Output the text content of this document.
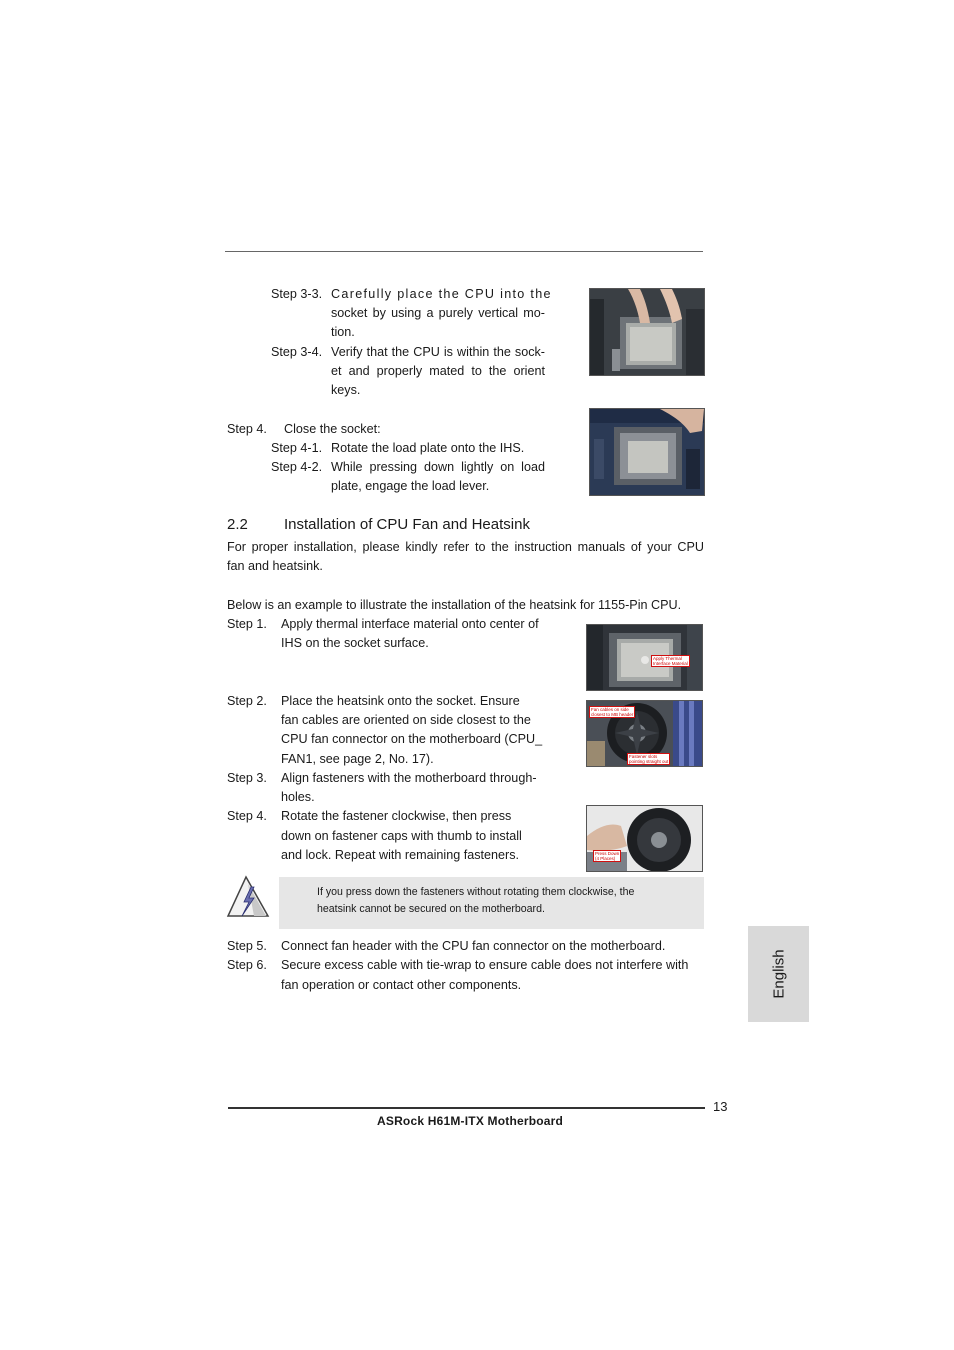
Step 3-3. Carefully place the CPU into the
socket by using a purely vertical mo-
tion.
Step 3-4. Verify that the CPU is within the sock-
et and properly mated to the orient
keys.
Step 4. Close the socket:
Step 4-1. Rotate the load plate onto the IHS.
Step 4-2. While pressing down lightly on load
plate, engage the load lever.
2.2 Installation of CPU Fan and Heatsink
For proper installation, please kindly refer to the instruction manuals of your CPU
fan and heatsink.
Below is an example to illustrate the installation of the heatsink for 1155-Pin CPU.
Step 1. Apply thermal interface material onto center of
IHS on the socket surface.
Step 2. Place the heatsink onto the socket. Ensure
fan cables are oriented on side closest to the
CPU fan connector on the motherboard (CPU_
FAN1, see page 2, No. 17).
Step 3. Align fasteners with the motherboard through-
holes.
Step 4. Rotate the fastener clockwise, then press
down on fastener caps with thumb to install
and lock. Repeat with remaining fasteners.
Apply Thermal
Interface Material
Fan cables on side
closest to MB header
Fastener slots
pointing straight out
Press Down
(4 Places)
If you press down the fasteners without rotating them clockwise, the
heatsink cannot be secured on the motherboard.
Step 5. Connect fan header with the CPU fan connector on the motherboard.
Step 6. Secure excess cable with tie-wrap to ensure cable does not interfere with
fan operation or contact other components.	English
13
ASRock H61M-ITX Motherboard
